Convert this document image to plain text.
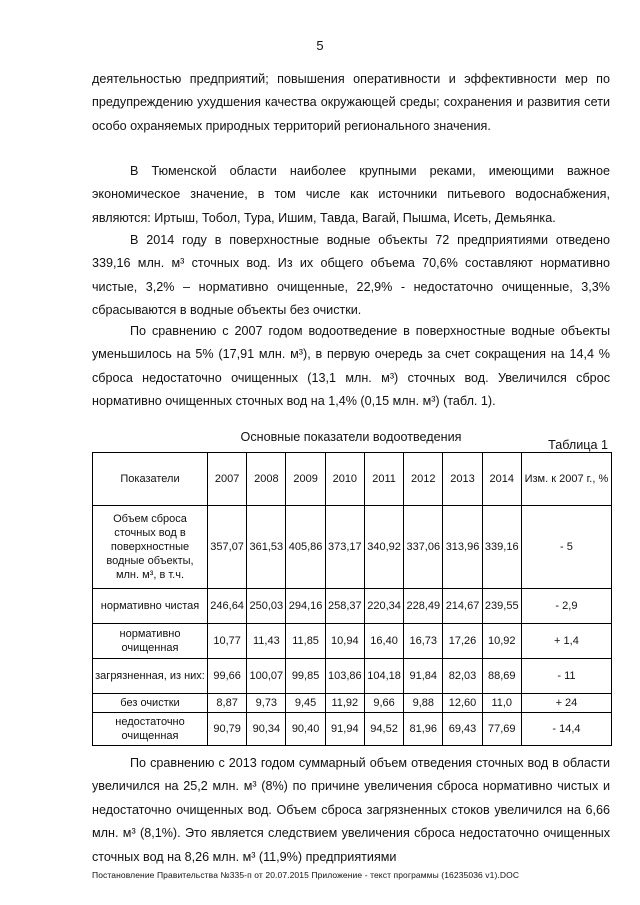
5

деятельностью предприятий; повышения оперативности и эффективности мер по предупреждению ухудшения качества окружающей среды; сохранения и развития сети особо охраняемых природных территорий регионального значения.

В Тюменской области наиболее крупными реками, имеющими важное экономическое значение, в том числе как источники питьевого водоснабжения, являются: Иртыш, Тобол, Тура, Ишим, Тавда, Вагай, Пышма, Исеть, Демьянка.

В 2014 году в поверхностные водные объекты 72 предприятиями отведено 339,16 млн. м³ сточных вод. Из их общего объема 70,6% составляют нормативно чистые, 3,2% – нормативно очищенные, 22,9% - недостаточно очищенные, 3,3% сбрасываются в водные объекты без очистки.

По сравнению с 2007 годом водоотведение в поверхностные водные объекты уменьшилось на 5% (17,91 млн. м³), в первую очередь за счет сокращения на 14,4 % сброса недостаточно очищенных (13,1 млн. м³) сточных вод. Увеличился сброс нормативно очищенных сточных вод на 1,4% (0,15 млн. м³) (табл. 1).

Таблица 1
Основные показатели водоотведения
Показатели	2007	2008	2009	2010	2011	2012	2013	2014	Изм. к 2007 г., %
Объем сброса сточных вод в поверхностные водные объекты, млн. м³, в т.ч.	357,07	361,53	405,86	373,17	340,92	337,06	313,96	339,16	- 5
нормативно чистая	246,64	250,03	294,16	258,37	220,34	228,49	214,67	239,55	- 2,9
нормативно очищенная	10,77	11,43	11,85	10,94	16,40	16,73	17,26	10,92	+ 1,4
загрязненная, из них:	99,66	100,07	99,85	103,86	104,18	91,84	82,03	88,69	- 11
без очистки	8,87	9,73	9,45	11,92	9,66	9,88	12,60	11,0	+ 24
недостаточно очищенная	90,79	90,34	90,40	91,94	94,52	81,96	69,43	77,69	- 14,4

По сравнению с 2013 годом суммарный объем отведения сточных вод в области увеличился на 25,2 млн. м³ (8%) по причине увеличения сброса нормативно чистых и недостаточно очищенных вод. Объем сброса загрязненных стоков увеличился на 6,66 млн. м³ (8,1%). Это является следствием увеличения сброса недостаточно очищенных сточных вод на 8,26 млн. м³ (11,9%) предприятиями

Постановление Правительства №335-п от 20.07.2015 Приложение - текст программы (16235036 v1).DOC
